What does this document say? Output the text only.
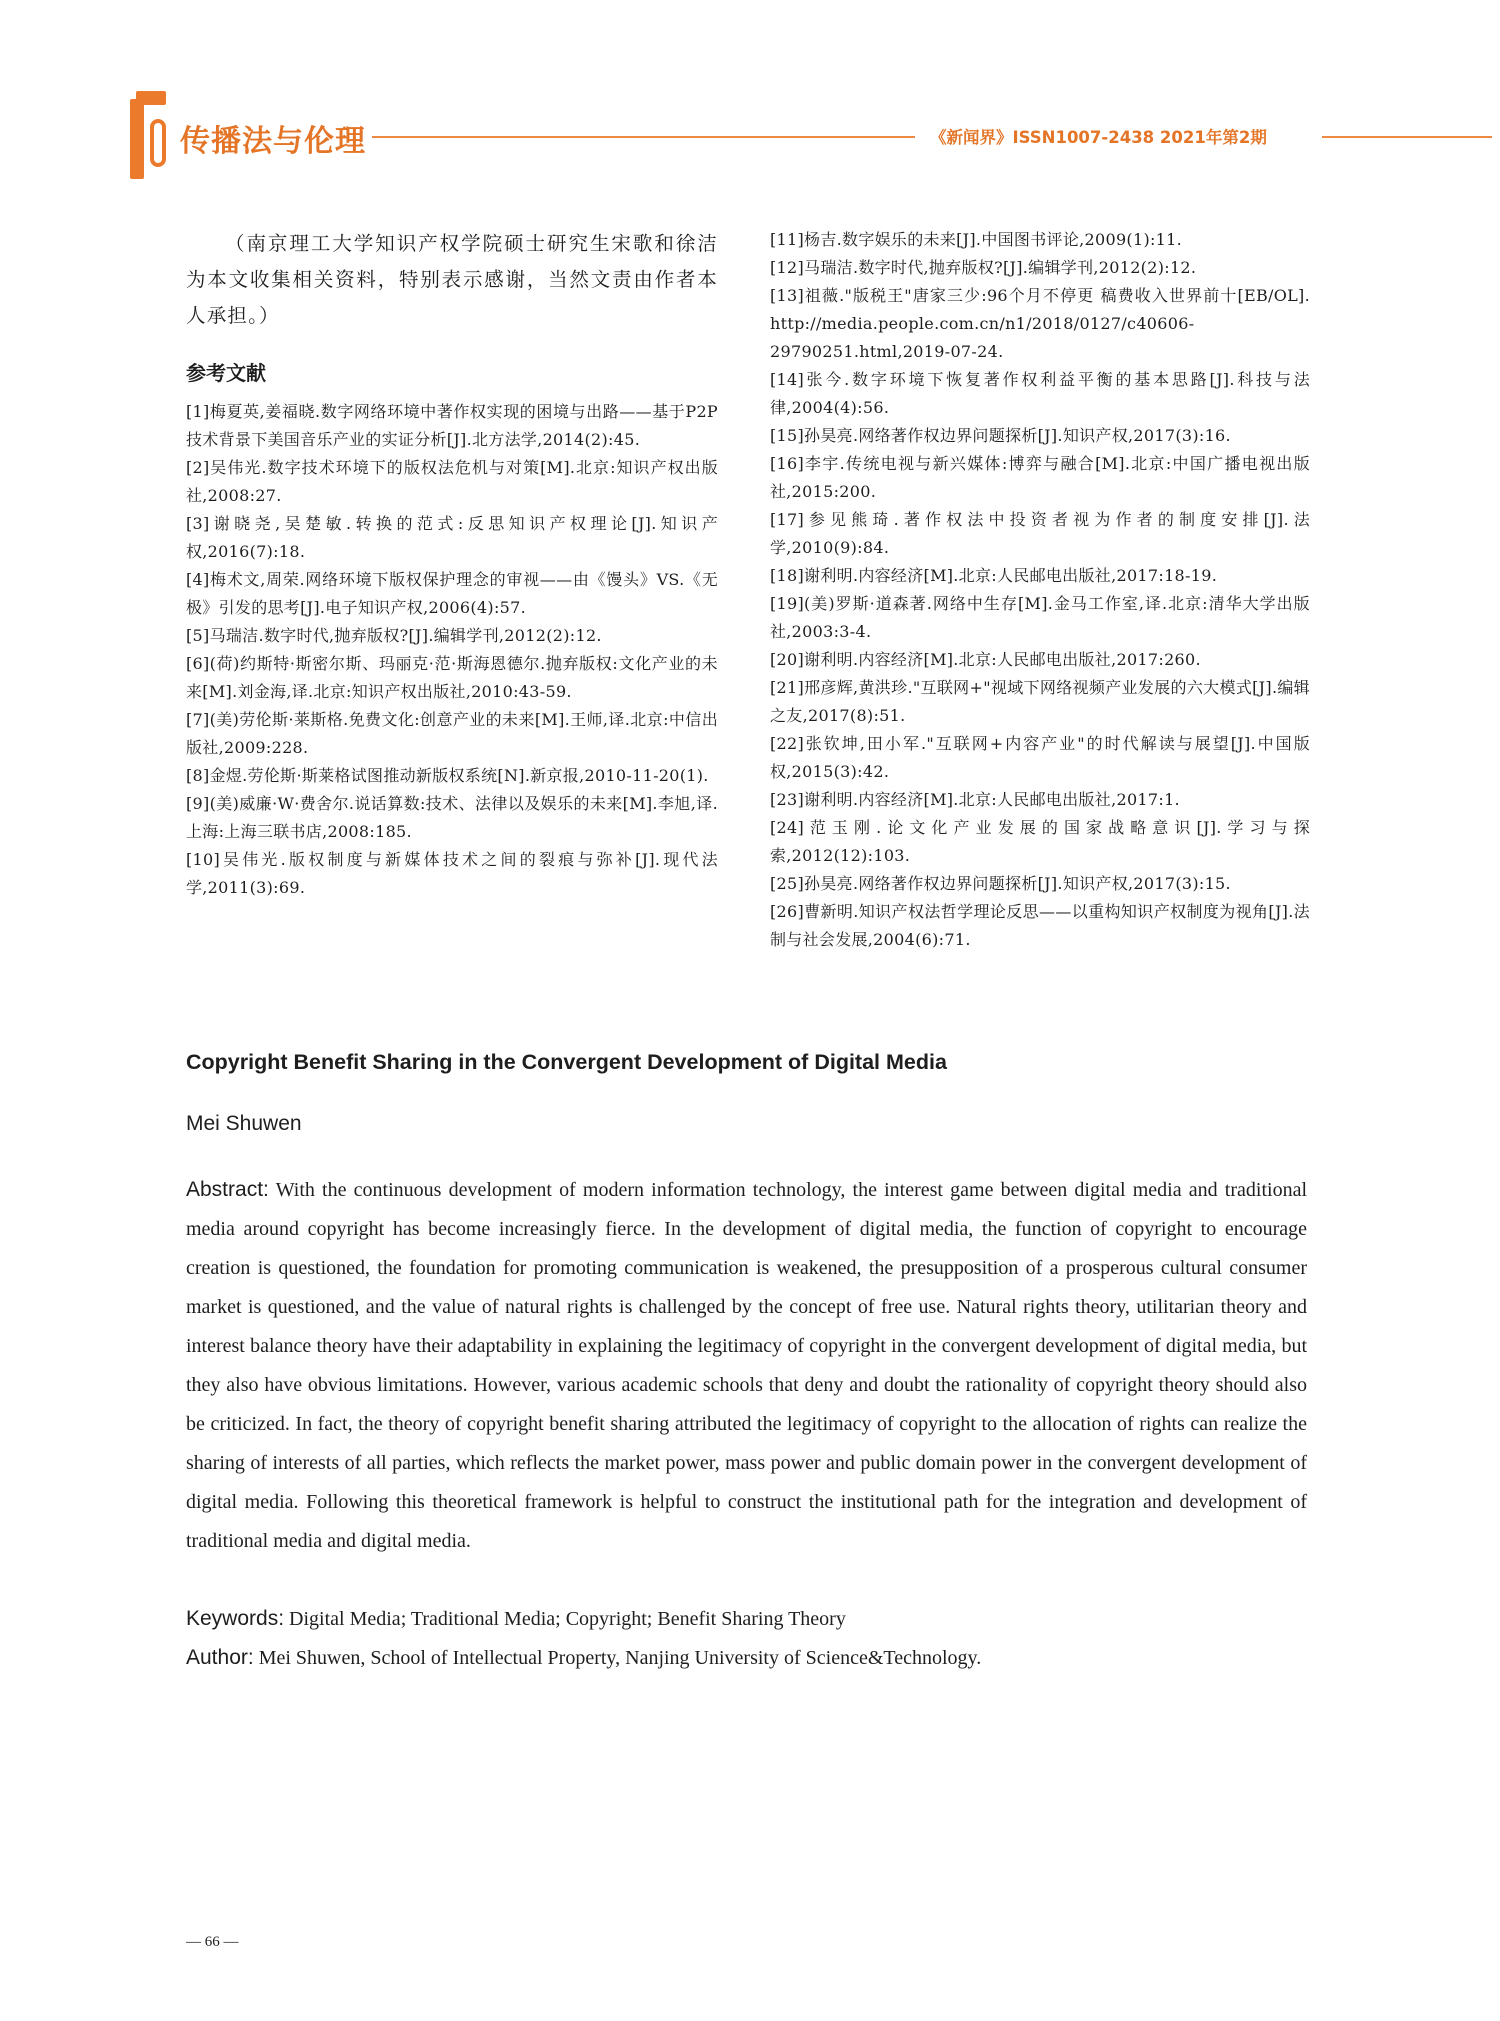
传播法与伦理	《新闻界》ISSN1007-2438 2021年第2期

（南京理工大学知识产权学院硕士研究生宋歌和徐洁为本文收集相关资料，特别表示感谢，当然文责由作者本人承担。）

参考文献

[1]梅夏英,姜福晓.数字网络环境中著作权实现的困境与出路——基于P2P技术背景下美国音乐产业的实证分析[J].北方法学,2014(2):45.

[2]吴伟光.数字技术环境下的版权法危机与对策[M].北京:知识产权出版社,2008:27.

[3]谢晓尧,吴楚敏.转换的范式:反思知识产权理论[J].知识产权,2016(7):18.

[4]梅术文,周荣.网络环境下版权保护理念的审视——由《馒头》VS.《无极》引发的思考[J].电子知识产权,2006(4):57.

[5]马瑞洁.数字时代,抛弃版权?[J].编辑学刊,2012(2):12.

[6](荷)约斯特·斯密尔斯、玛丽克·范·斯海恩德尔.抛弃版权:文化产业的未来[M].刘金海,译.北京:知识产权出版社,2010:43-59.

[7](美)劳伦斯·莱斯格.免费文化:创意产业的未来[M].王师,译.北京:中信出版社,2009:228.

[8]金煜.劳伦斯·斯莱格试图推动新版权系统[N].新京报,2010-11-20(1).

[9](美)威廉·W·费舍尔.说话算数:技术、法律以及娱乐的未来[M].李旭,译.上海:上海三联书店,2008:185.

[10]吴伟光.版权制度与新媒体技术之间的裂痕与弥补[J].现代法学,2011(3):69.

[11]杨吉.数字娱乐的未来[J].中国图书评论,2009(1):11.

[12]马瑞洁.数字时代,抛弃版权?[J].编辑学刊,2012(2):12.

[13]祖薇."版税王"唐家三少:96个月不停更 稿费收入世界前十[EB/OL]. http://media.people.com.cn/n1/2018/0127/c40606-29790251.html,2019-07-24.

[14]张今.数字环境下恢复著作权利益平衡的基本思路[J].科技与法律,2004(4):56.

[15]孙昊亮.网络著作权边界问题探析[J].知识产权,2017(3):16.

[16]李宇.传统电视与新兴媒体:博弈与融合[M].北京:中国广播电视出版社,2015:200.

[17]参见熊琦.著作权法中投资者视为作者的制度安排[J].法学,2010(9):84.

[18]谢利明.内容经济[M].北京:人民邮电出版社,2017:18-19.

[19](美)罗斯·道森著.网络中生存[M].金马工作室,译.北京:清华大学出版社,2003:3-4.

[20]谢利明.内容经济[M].北京:人民邮电出版社,2017:260.

[21]邢彦辉,黄洪珍."互联网+"视域下网络视频产业发展的六大模式[J].编辑之友,2017(8):51.

[22]张钦坤,田小军."互联网+内容产业"的时代解读与展望[J].中国版权,2015(3):42.

[23]谢利明.内容经济[M].北京:人民邮电出版社,2017:1.

[24]范玉刚.论文化产业发展的国家战略意识[J].学习与探索,2012(12):103.

[25]孙昊亮.网络著作权边界问题探析[J].知识产权,2017(3):15.

[26]曹新明.知识产权法哲学理论反思——以重构知识产权制度为视角[J].法制与社会发展,2004(6):71.

Copyright Benefit Sharing in the Convergent Development of Digital Media

Mei Shuwen

Abstract: With the continuous development of modern information technology, the interest game between digital media and traditional media around copyright has become increasingly fierce. In the development of digital media, the function of copyright to encourage creation is questioned, the foundation for promoting communication is weakened, the presupposition of a prosperous cultural consumer market is questioned, and the value of natural rights is challenged by the concept of free use. Natural rights theory, utilitarian theory and interest balance theory have their adaptability in explaining the legitimacy of copyright in the convergent development of digital media, but they also have obvious limitations. However, various academic schools that deny and doubt the rationality of copyright theory should also be criticized. In fact, the theory of copyright benefit sharing attributed the legitimacy of copyright to the allocation of rights can realize the sharing of interests of all parties, which reflects the market power, mass power and public domain power in the convergent development of digital media. Following this theoretical framework is helpful to construct the institutional path for the integration and development of traditional media and digital media.

Keywords: Digital Media; Traditional Media; Copyright; Benefit Sharing Theory

Author: Mei Shuwen, School of Intellectual Property, Nanjing University of Science&Technology.

— 66 —
